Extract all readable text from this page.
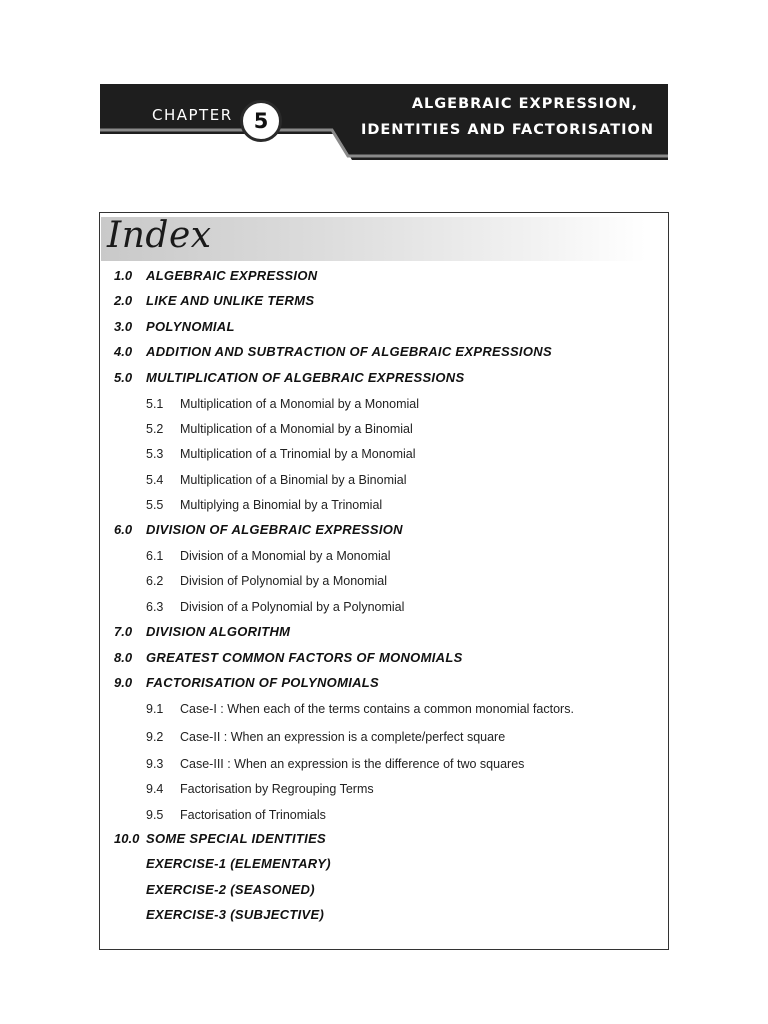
CHAPTER	5
ALGEBRAIC EXPRESSION,
IDENTITIES AND FACTORISATION
Index
1.0 ALGEBRAIC EXPRESSION
2.0 LIKE AND UNLIKE TERMS
3.0 POLYNOMIAL
4.0 ADDITION AND SUBTRACTION OF ALGEBRAIC EXPRESSIONS
5.0 MULTIPLICATION OF ALGEBRAIC EXPRESSIONS
5.1 Multiplication of a Monomial by a Monomial
5.2 Multiplication of a Monomial by a Binomial
5.3 Multiplication of a Trinomial by a Monomial
5.4 Multiplication of a Binomial by a Binomial
5.5 Multiplying a Binomial by a Trinomial
6.0 DIVISION OF ALGEBRAIC EXPRESSION
6.1 Division of a Monomial by a Monomial
6.2 Division of Polynomial by a Monomial
6.3 Division of a Polynomial by a Polynomial
7.0 DIVISION ALGORITHM
8.0 GREATEST COMMON FACTORS OF MONOMIALS
9.0 FACTORISATION OF POLYNOMIALS
9.1 Case-I : When each of the terms contains a common monomial factors.
9.2 Case-II : When an expression is a complete/perfect square
9.3 Case-III : When an expression is the difference of two squares
9.4 Factorisation by Regrouping Terms
9.5 Factorisation of Trinomials
10.0 SOME SPECIAL IDENTITIES
EXERCISE-1 (ELEMENTARY)
EXERCISE-2 (SEASONED)
EXERCISE-3 (SUBJECTIVE)
